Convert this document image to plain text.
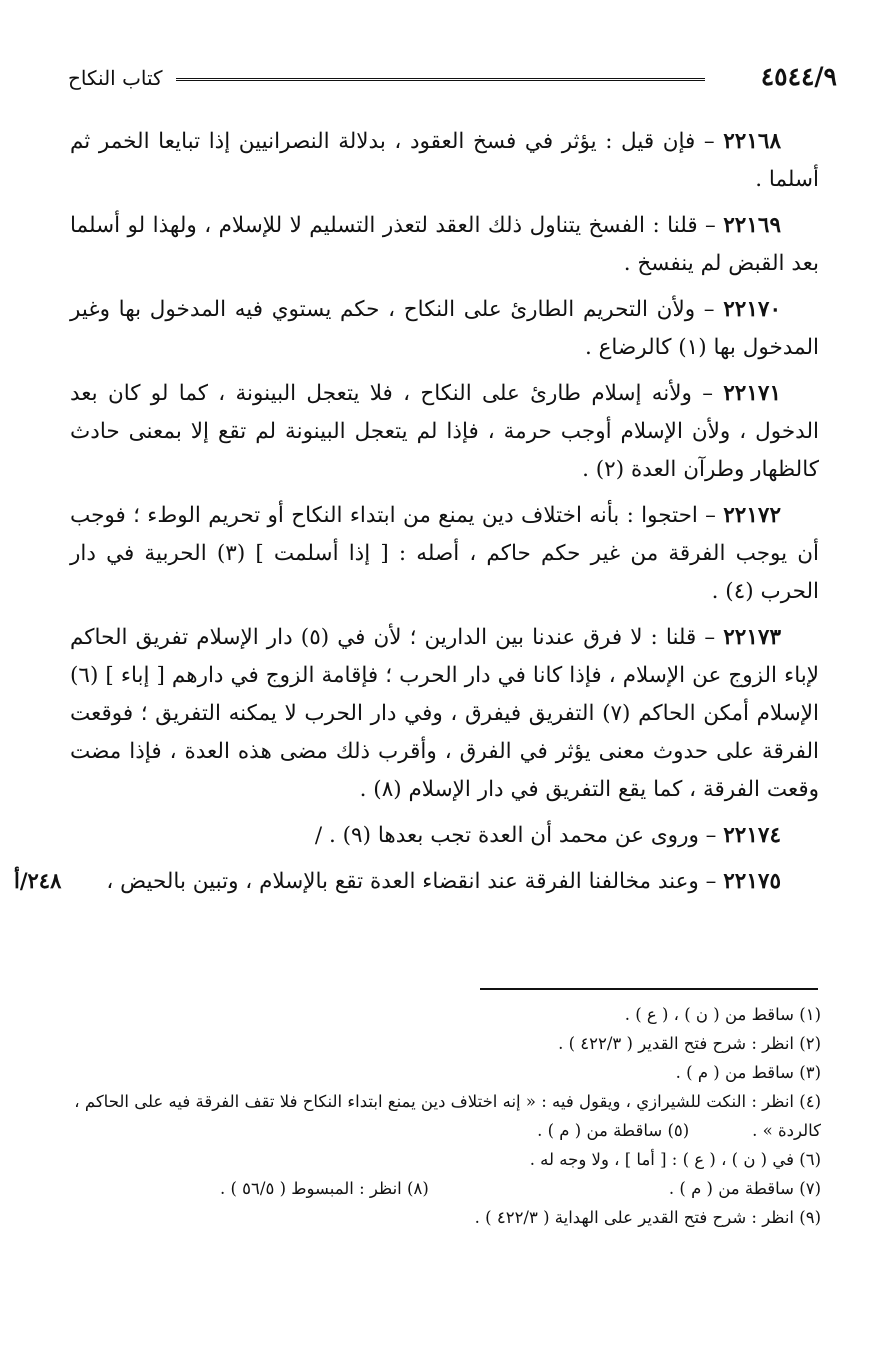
٤٥٤٤/٩
كتاب النكاح

٢٢١٦٨ – فإن قيل : يؤثر في فسخ العقود ، بدلالة النصرانيين إذا تبايعا الخمر ثم أسلما .

٢٢١٦٩ – قلنا : الفسخ يتناول ذلك العقد لتعذر التسليم لا للإسلام ، ولهذا لو أسلما بعد القبض لم ينفسخ .

٢٢١٧٠ – ولأن التحريم الطارئ على النكاح ، حكم يستوي فيه المدخول بها وغير المدخول بها (١) كالرضاع .

٢٢١٧١ – ولأنه إسلام طارئ على النكاح ، فلا يتعجل البينونة ، كما لو كان بعد الدخول ، ولأن الإسلام أوجب حرمة ، فإذا لم يتعجل البينونة لم تقع إلا بمعنى حادث كالظهار وطرآن العدة (٢) .

٢٢١٧٢ – احتجوا : بأنه اختلاف دين يمنع من ابتداء النكاح أو تحريم الوطء ؛ فوجب أن يوجب الفرقة من غير حكم حاكم ، أصله : [ إذا أسلمت ] (٣) الحربية في دار الحرب (٤) .

٢٢١٧٣ – قلنا : لا فرق عندنا بين الدارين ؛ لأن في (٥) دار الإسلام تفريق الحاكم لإباء الزوج عن الإسلام ، فإذا كانا في دار الحرب ؛ فإقامة الزوج في دارهم [ إباء ] (٦) الإسلام أمكن الحاكم (٧) التفريق فيفرق ، وفي دار الحرب لا يمكنه التفريق ؛ فوقعت الفرقة على حدوث معنى يؤثر في الفرق ، وأقرب ذلك مضى هذه العدة ، فإذا مضت وقعت الفرقة ، كما يقع التفريق في دار الإسلام (٨) .

٢٢١٧٤ – وروى عن محمد أن العدة تجب بعدها (٩) . /

٢٢١٧٥ – وعند مخالفنا الفرقة عند انقضاء العدة تقع بالإسلام ، وتبين بالحيض ،

٢٤٨/أ

(١) ساقط من ( ن ) ، ( ع ) .

(٢) انظر : شرح فتح القدير ( ٤٢٢/٣ ) .

(٣) ساقط من ( م ) .

(٤) انظر : النكت للشيرازي ، ويقول فيه : « إنه اختلاف دين يمنع ابتداء النكاح فلا تقف الفرقة فيه على الحاكم ، كالردة » .            (٥) ساقطة من ( م ) .

(٦) في ( ن ) ، ( ع ) : [ أما ] ، ولا وجه له .

(٧) ساقطة من ( م ) .
(٨) انظر : المبسوط ( ٥٦/٥ ) .

(٩) انظر : شرح فتح القدير على الهداية ( ٤٢٢/٣ ) .
